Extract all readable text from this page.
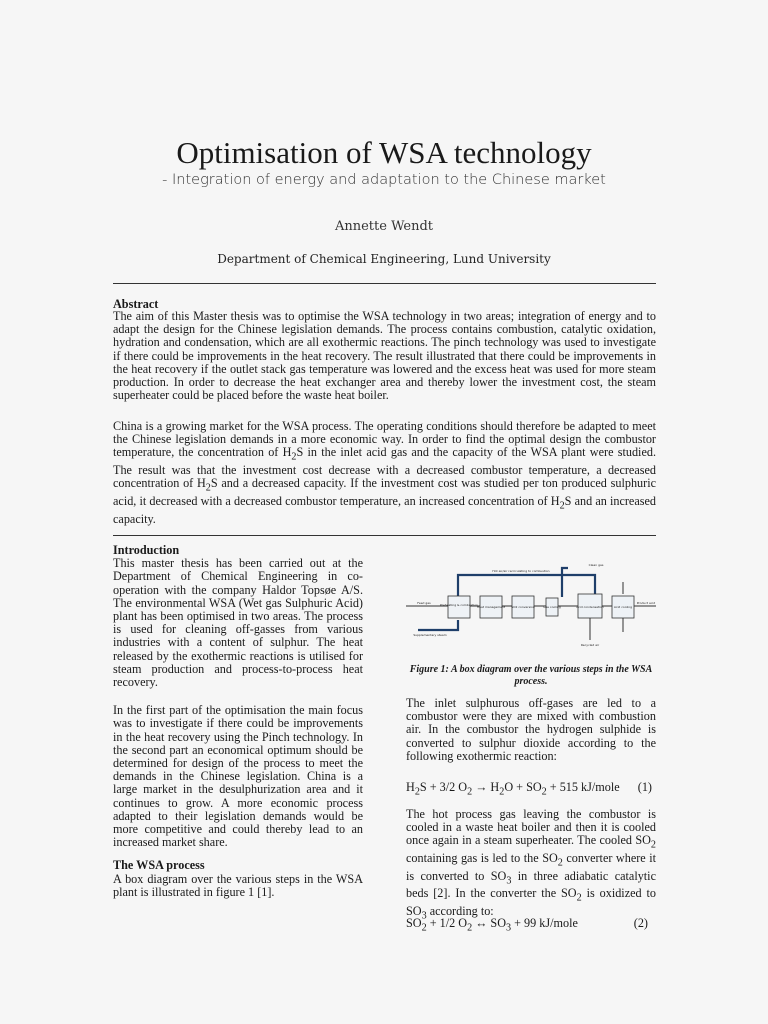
Optimisation of WSA technology
- Integration of energy and adaptation to the Chinese market
Annette Wendt
Department of Chemical Engineering, Lund University
Abstract
The aim of this Master thesis was to optimise the WSA technology in two areas; integration of energy and to adapt the design for the Chinese legislation demands. The process contains combustion, catalytic oxidation, hydration and condensation, which are all exothermic reactions. The pinch technology was used to investigate if there could be improvements in the heat recovery. The result illustrated that there could be improvements in the heat recovery if the outlet stack gas temperature was lowered and the excess heat was used for more steam production. In order to decrease the heat exchanger area and thereby lower the investment cost, the steam superheater could be placed before the waste heat boiler.
China is a growing market for the WSA process. The operating conditions should therefore be adapted to meet the Chinese legislation demands in a more economic way. In order to find the optimal design the combustor temperature, the concentration of $H_2S$ in the inlet acid gas and the capacity of the WSA plant were studied. The result was that the investment cost decrease with a decreased combustor temperature, a decreased concentration of $H_2S$ and a decreased capacity. If the investment cost was studied per ton produced sulphuric acid, it decreased with a decreased combustor temperature, an increased concentration of $H_2S$ and an increased capacity.
Introduction

This master thesis has been carried out at the Department of Chemical Engineering in co-operation with the company Haldor Topsøe A/S. The environmental WSA (Wet gas Sulphuric Acid) plant has been optimised in two areas. The process is used for cleaning off-gasses from various industries with a content of sulphur. The heat released by the exothermic reactions is utilised for steam production and process-to-process heat recovery.

In the first part of the optimisation the main focus was to investigate if there could be improvements in the heat recovery using the Pinch technology. In the second part an economical optimum should be determined for design of the process to meet the demands in the Chinese legislation. China is a large market in the desulphurization area and it continues to grow. A more economic process adapted to their legislation demands would be more competitive and could thereby lead to an increased market share.

The WSA process

A box diagram over the various steps in the WSA plant is illustrated in figure 1 [1].

Preheating & combustion
Heat management SO2 conversion	Gas cooling	Acid condensation	Acid cooling
Feed gas	Product acid
Hot air/air recirculating to combustion
Clean gas
Supplementary steam
Recycled air
Figure 1: A box diagram over the various steps in the WSA process.
The inlet sulphurous off-gases are led to a combustor were they are mixed with combustion air. In the combustor the hydrogen sulphide is converted to sulphur dioxide according to the following exothermic reaction:
$H_2S + 3/2$ $O_2 \to H_2O + SO_2 + 515$ kJ/mole (1)
The hot process gas leaving the combustor is cooled in a waste heat boiler and then it is cooled once again in a steam superheater. The cooled $SO_2$ containing gas is led to the $SO_2$ converter where it is converted to $SO_3$ in three adiabatic catalytic beds [2]. In the converter the $SO_2$ is oxidized to $SO_3$ according to:
$SO_2 + 1/2$ $O_2$ ↔ $SO_3 + 99$ kJ/mole	(2)
